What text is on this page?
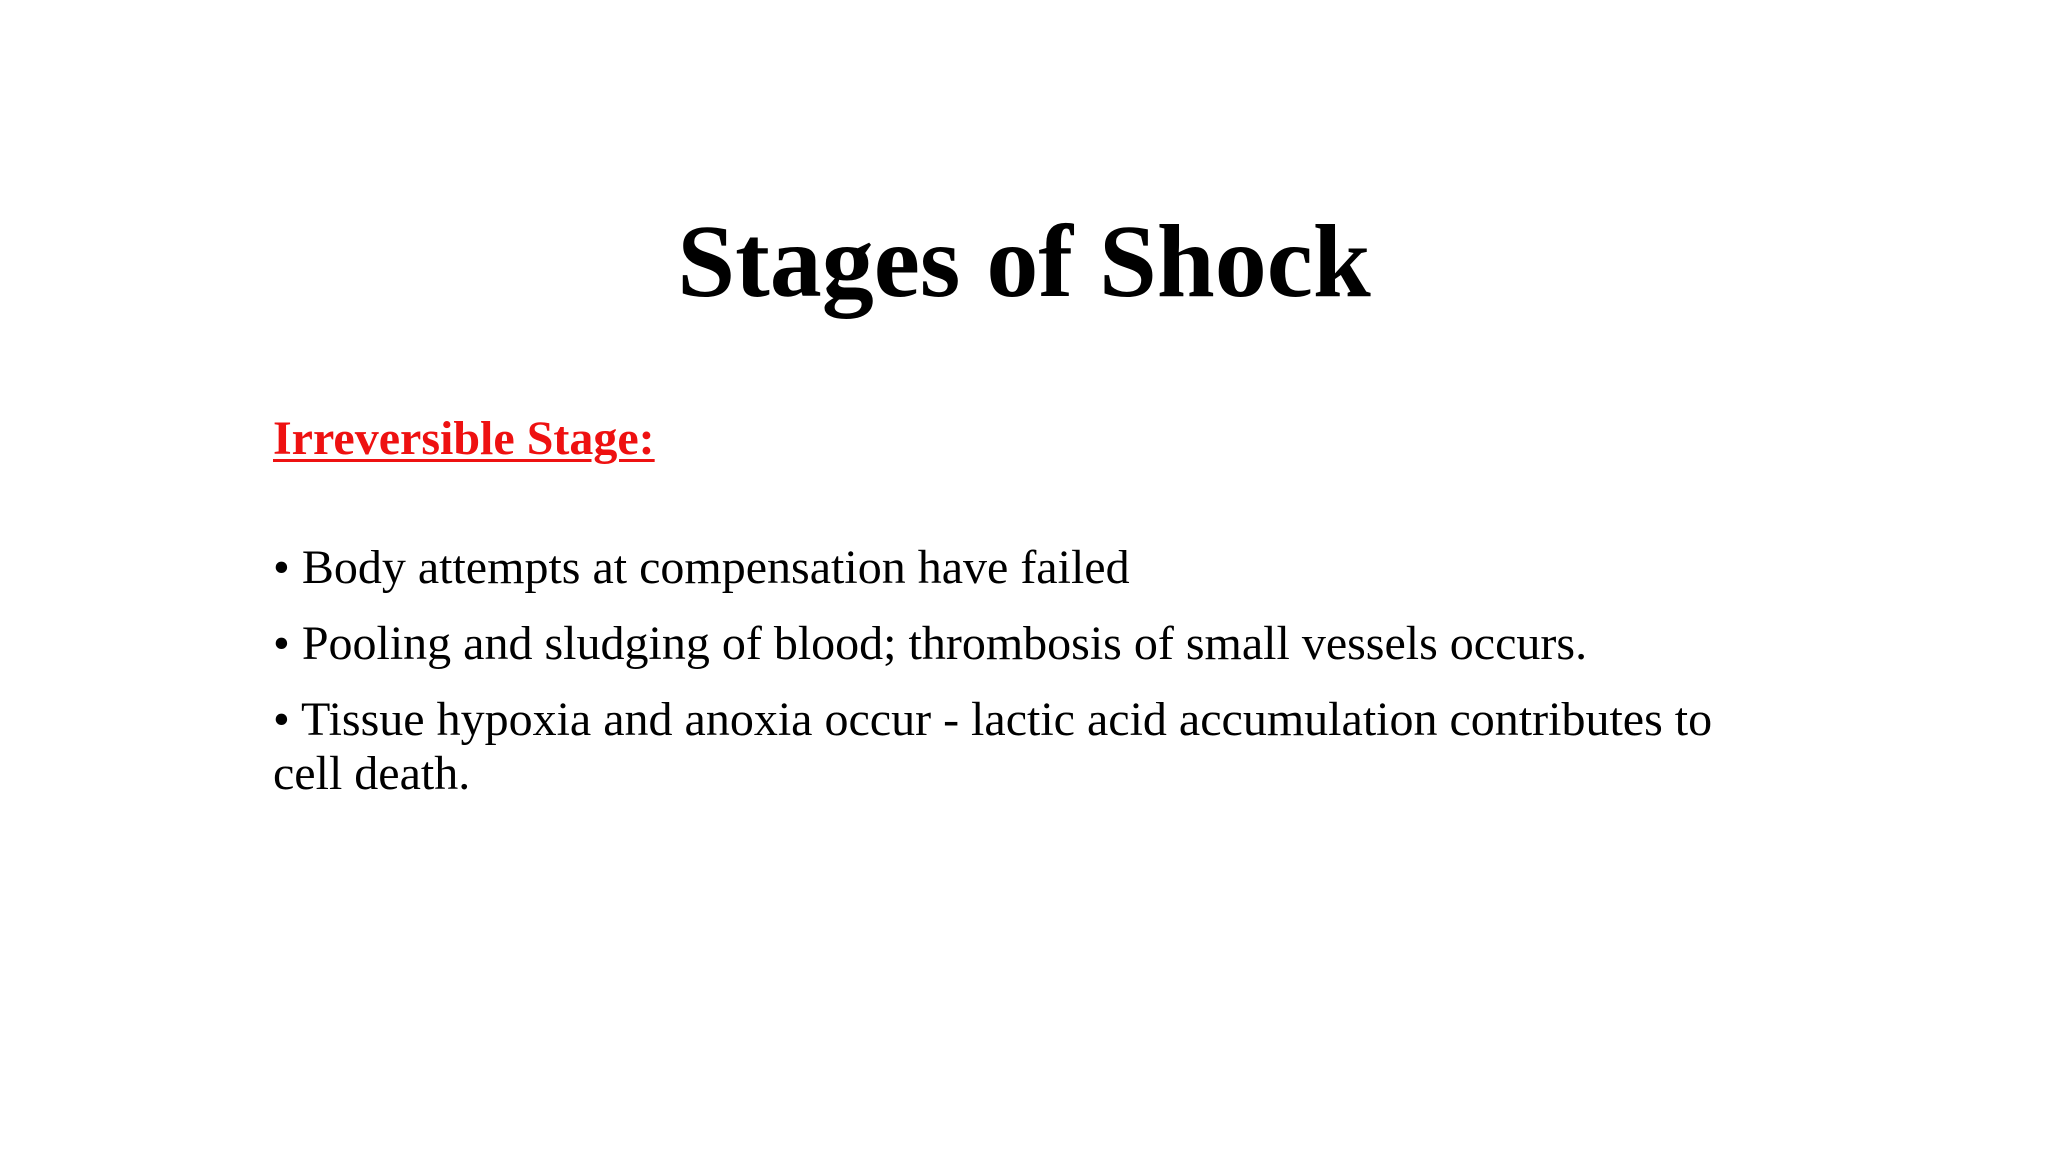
Stages of Shock
Irreversible Stage:
• Body attempts at compensation have failed
• Pooling and sludging of blood; thrombosis of small vessels occurs.
• Tissue hypoxia and anoxia occur - lactic acid accumulation contributes to cell death.
